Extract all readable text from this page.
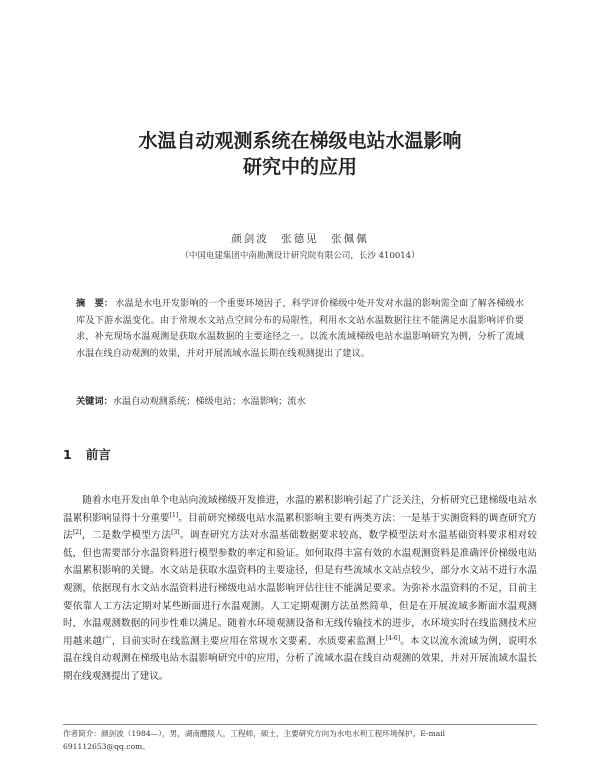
水温自动观测系统在梯级电站水温影响
研究中的应用
颜剑波　张德见　张佩佩
（中国电建集团中南勘测设计研究院有限公司，长沙 410014）
摘　要： 水温是水电开发影响的一个重要环境因子，科学评价梯级中处开发对水温的影响需全面了解各梯级水库及下游水温变化。由于常规水文站点空间分布的局限性，利用水文站水温数据往往不能满足水温影响评价要求，补充现场水温观测是获取水温数据的主要途径之一。以流水流域梯级电站水温影响研究为例，分析了流域水温在线自动观测的效果，并对开展流域水温长期在线观测提出了建议。
关键词：水温自动观测系统；梯级电站；水温影响；流水
1 前言

随着水电开发由单个电站向流域梯级开发推进，水温的累积影响引起了广泛关注，分析研究已建梯级电站水温累积影响显得十分重要[1]。目前研究梯级电站水温累积影响主要有两类方法：一是基于实测资料的调查研究方法[2]，二是数学模型方法[3]。调查研究方法对水温基础数据要求较高，数学模型法对水温基础资料要求相对较低，但也需要部分水温资料进行模型参数的率定和验证。如何取得丰富有效的水温观测资料是准确评价梯级电站水温累积影响的关键。水文站是获取水温资料的主要途径，但是有些流域水文站点较少，部分水文站不进行水温观测，依据现有水文站水温资料进行梯级电站水温影响评估往往不能满足要求。为弥补水温资料的不足，目前主要依靠人工方法定期对某些断面进行水温观测。人工定期观测方法虽然简单，但是在开展流域多断面水温观测时，水温观测数据的同步性难以满足。随着水环境观测设备和无线传输技术的进步，水环境实时在线监测技术应用越来越广，目前实时在线监测主要应用在常规水文要素、水质要素监测上[4-6]。本文以流水流域为例，说明水温在线自动观测在梯级电站水温影响研究中的应用，分析了流域水温在线自动观测的效果，并对开展流域水温长期在线观测提出了建议。

作者简介：颜剑波（1984—），男，湖南醴陵人，工程师，硕士，主要研究方向为水电水利工程环境保护。E-mail
691112653@qq.com。
